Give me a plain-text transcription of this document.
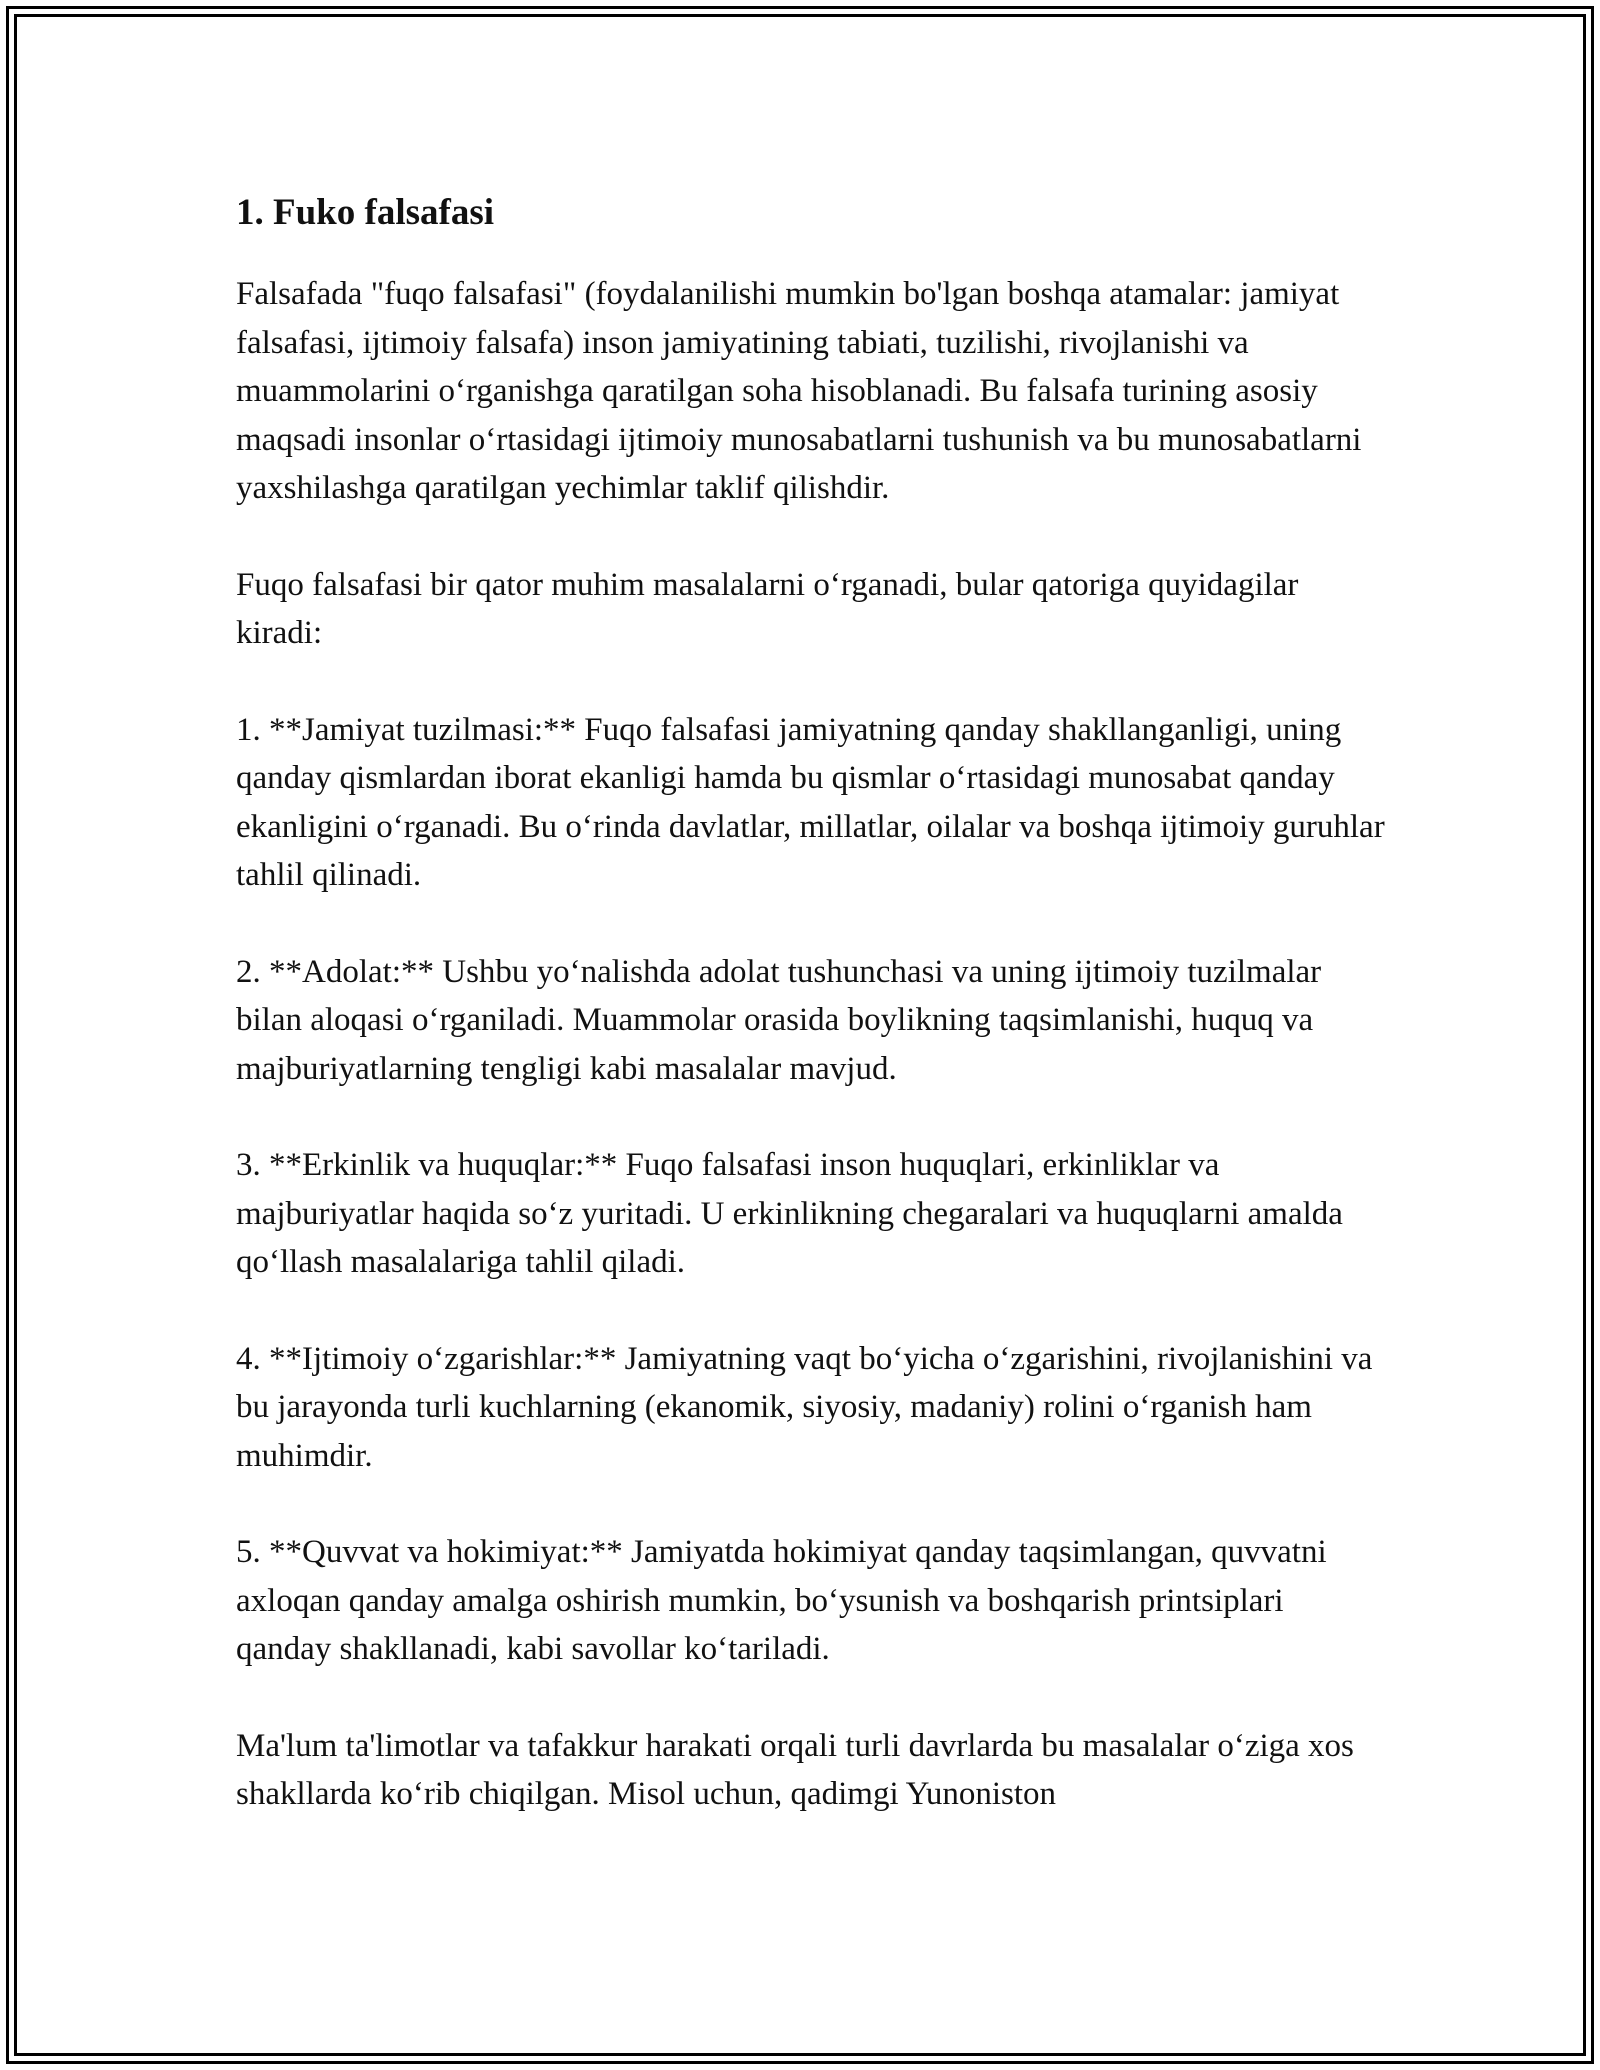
1. Fuko falsafasi

Falsafada "fuqo falsafasi" (foydalanilishi mumkin bo'lgan boshqa atamalar: jamiyat falsafasi, ijtimoiy falsafa) inson jamiyatining tabiati, tuzilishi, rivojlanishi va muammolarini o‘rganishga qaratilgan soha hisoblanadi. Bu falsafa turining asosiy maqsadi insonlar o‘rtasidagi ijtimoiy munosabatlarni tushunish va bu munosabatlarni yaxshilashga qaratilgan yechimlar taklif qilishdir.

Fuqo falsafasi bir qator muhim masalalarni o‘rganadi, bular qatoriga quyidagilar kiradi:

1. **Jamiyat tuzilmasi:** Fuqo falsafasi jamiyatning qanday shakllanganligi, uning qanday qismlardan iborat ekanligi hamda bu qismlar o‘rtasidagi munosabat qanday ekanligini o‘rganadi. Bu o‘rinda davlatlar, millatlar, oilalar va boshqa ijtimoiy guruhlar tahlil qilinadi.

2. **Adolat:** Ushbu yo‘nalishda adolat tushunchasi va uning ijtimoiy tuzilmalar bilan aloqasi o‘rganiladi. Muammolar orasida boylikning taqsimlanishi, huquq va majburiyatlarning tengligi kabi masalalar mavjud.

3. **Erkinlik va huquqlar:** Fuqo falsafasi inson huquqlari, erkinliklar va majburiyatlar haqida so‘z yuritadi. U erkinlikning chegaralari va huquqlarni amalda qo‘llash masalalariga tahlil qiladi.

4. **Ijtimoiy o‘zgarishlar:** Jamiyatning vaqt bo‘yicha o‘zgarishini, rivojlanishini va bu jarayonda turli kuchlarning (ekanomik, siyosiy, madaniy) rolini o‘rganish ham muhimdir.

5. **Quvvat va hokimiyat:** Jamiyatda hokimiyat qanday taqsimlangan, quvvatni axloqan qanday amalga oshirish mumkin, bo‘ysunish va boshqarish printsiplari qanday shakllanadi, kabi savollar ko‘tariladi.

Ma'lum ta'limotlar va tafakkur harakati orqali turli davrlarda bu masalalar o‘ziga xos shakllarda ko‘rib chiqilgan. Misol uchun, qadimgi Yunoniston
